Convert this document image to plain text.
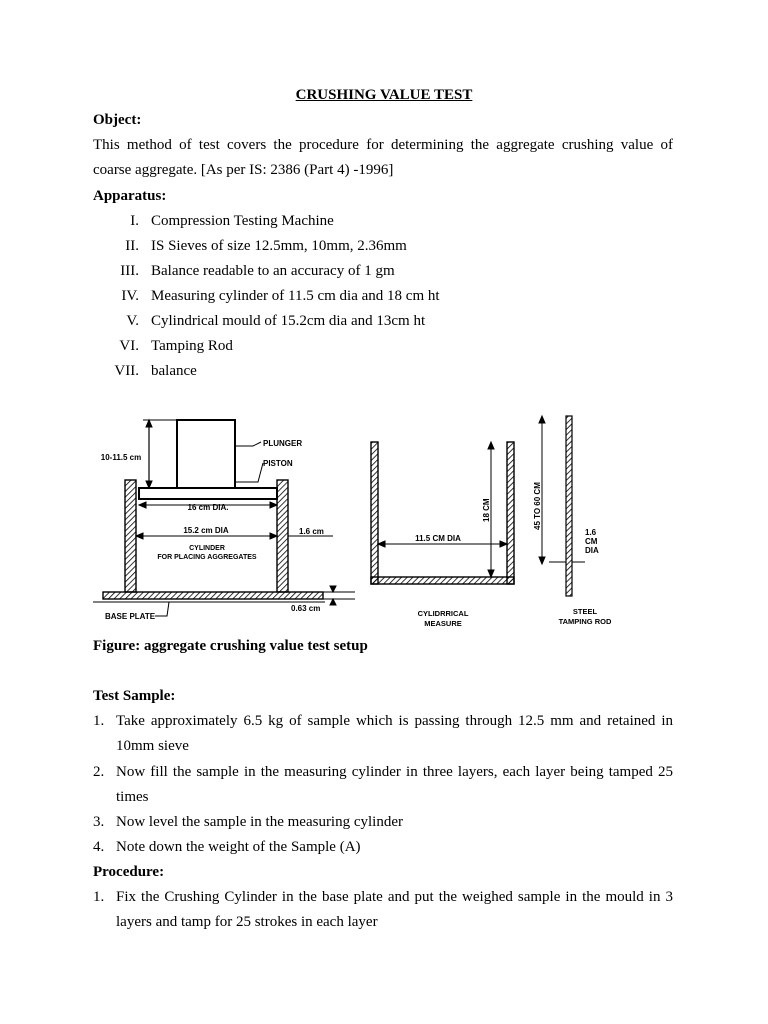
CRUSHING VALUE TEST
Object:
This method of test covers the procedure for determining the aggregate crushing value of
coarse aggregate. [As per IS: 2386 (Part 4) -1996]
Apparatus:
I. Compression Testing Machine
II. IS Sieves of size 12.5mm, 10mm, 2.36mm
III. Balance readable to an accuracy of 1 gm
IV. Measuring cylinder of 11.5 cm dia and 18 cm ht
V. Cylindrical mould of 15.2cm dia and 13cm ht
VI. Tamping Rod
VII. balance
10-11.5 cm
PLUNGER
PISTON
16 cm DIA.
15.2 cm DIA	1.6 cm
CYLINDER
FOR PLACING AGGREGATES
BASE PLATE
0.63 cm
18 CM
11.5 CM DIA
CYLIDRRICAL
MEASURE
45 TO 60 CM
1.6
CM
DIA
STEEL
TAMPING ROD
Figure: aggregate crushing value test setup
Test Sample:
1. Take approximately 6.5 kg of sample which is passing through 12.5 mm and retained in
10mm sieve
2. Now fill the sample in the measuring cylinder in three layers, each layer being tamped 25
times
3. Now level the sample in the measuring cylinder
4. Note down the weight of the Sample (A)
Procedure:
1. Fix the Crushing Cylinder in the base plate and put the weighed sample in the mould in 3
layers and tamp for 25 strokes in each layer
